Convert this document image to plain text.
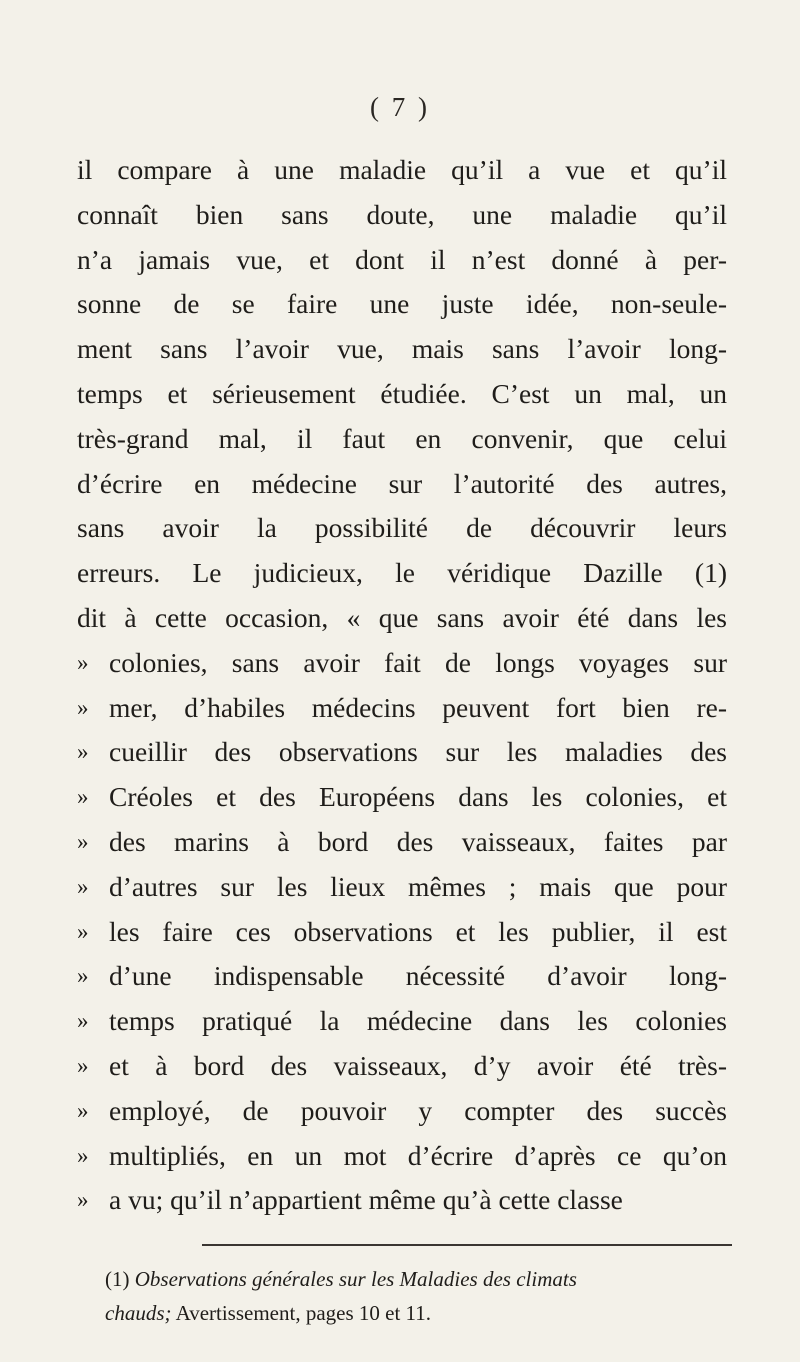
( 7 )
il compare à une maladie qu’il a vue et qu’il
connaît bien sans doute, une maladie qu’il
n’a jamais vue, et dont il n’est donné à per-
sonne de se faire une juste idée, non-seule-
ment sans l’avoir vue, mais sans l’avoir long-
temps et sérieusement étudiée. C’est un mal, un
très-grand mal, il faut en convenir, que celui
d’écrire en médecine sur l’autorité des autres,
sans avoir la possibilité de découvrir leurs
erreurs. Le judicieux, le véridique Dazille (1)
dit à cette occasion, « que sans avoir été dans les
» colonies, sans avoir fait de longs voyages sur
» mer, d’habiles médecins peuvent fort bien re-
» cueillir des observations sur les maladies des
» Créoles et des Européens dans les colonies, et
» des marins à bord des vaisseaux, faites par
» d’autres sur les lieux mêmes ; mais que pour
» les faire ces observations et les publier, il est
» d’une indispensable nécessité d’avoir long-
» temps pratiqué la médecine dans les colonies
» et à bord des vaisseaux, d’y avoir été très-
» employé, de pouvoir y compter des succès
» multipliés, en un mot d’écrire d’après ce qu’on
» a vu; qu’il n’appartient même qu’à cette classe
(1) Observations générales sur les Maladies des climats
chauds; Avertissement, pages 10 et 11.
